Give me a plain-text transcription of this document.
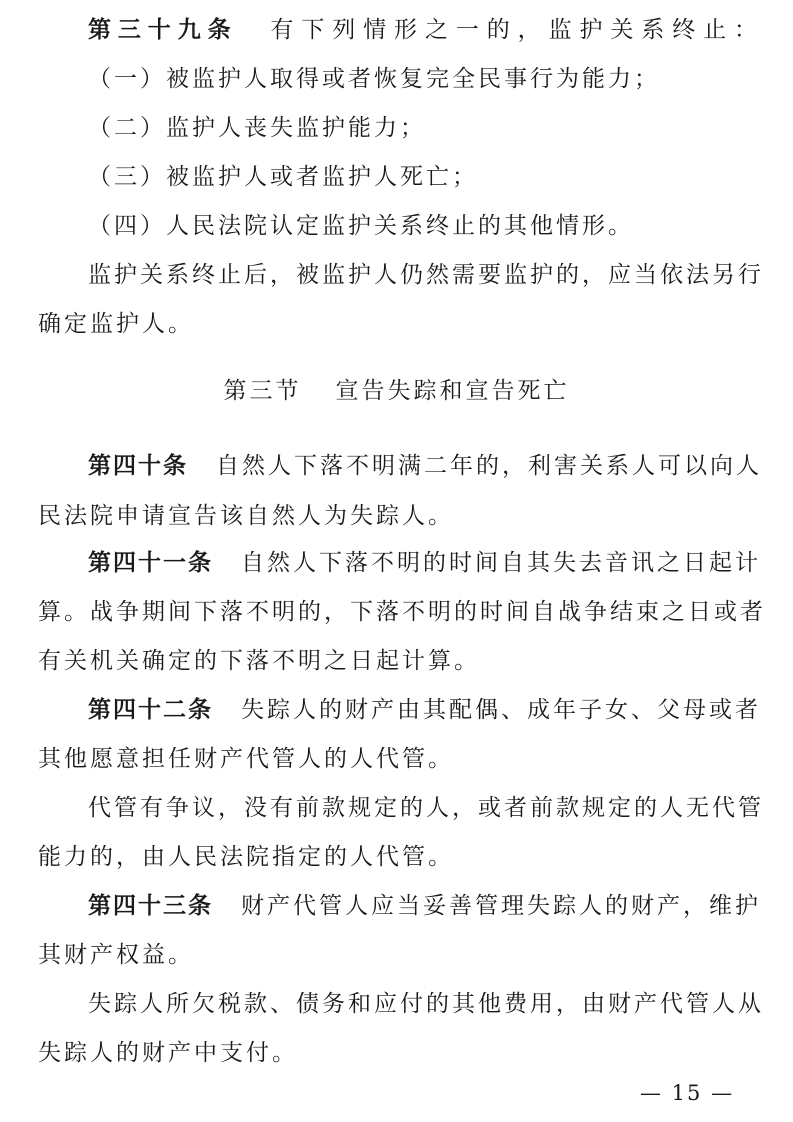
第三十九条 有下列情形之一的，监护关系终止：
（一）被监护人取得或者恢复完全民事行为能力；
（二）监护人丧失监护能力；
（三）被监护人或者监护人死亡；
（四）人民法院认定监护关系终止的其他情形。
监护关系终止后，被监护人仍然需要监护的，应当依法另行
确定监护人。
第三节 宣告失踪和宣告死亡
第四十条 自然人下落不明满二年的，利害关系人可以向人
民法院申请宣告该自然人为失踪人。
第四十一条 自然人下落不明的时间自其失去音讯之日起计
算。战争期间下落不明的，下落不明的时间自战争结束之日或者
有关机关确定的下落不明之日起计算。
第四十二条 失踪人的财产由其配偶、成年子女、父母或者
其他愿意担任财产代管人的人代管。
代管有争议，没有前款规定的人，或者前款规定的人无代管
能力的，由人民法院指定的人代管。
第四十三条 财产代管人应当妥善管理失踪人的财产，维护
其财产权益。
失踪人所欠税款、债务和应付的其他费用，由财产代管人从
失踪人的财产中支付。
— 15 —
